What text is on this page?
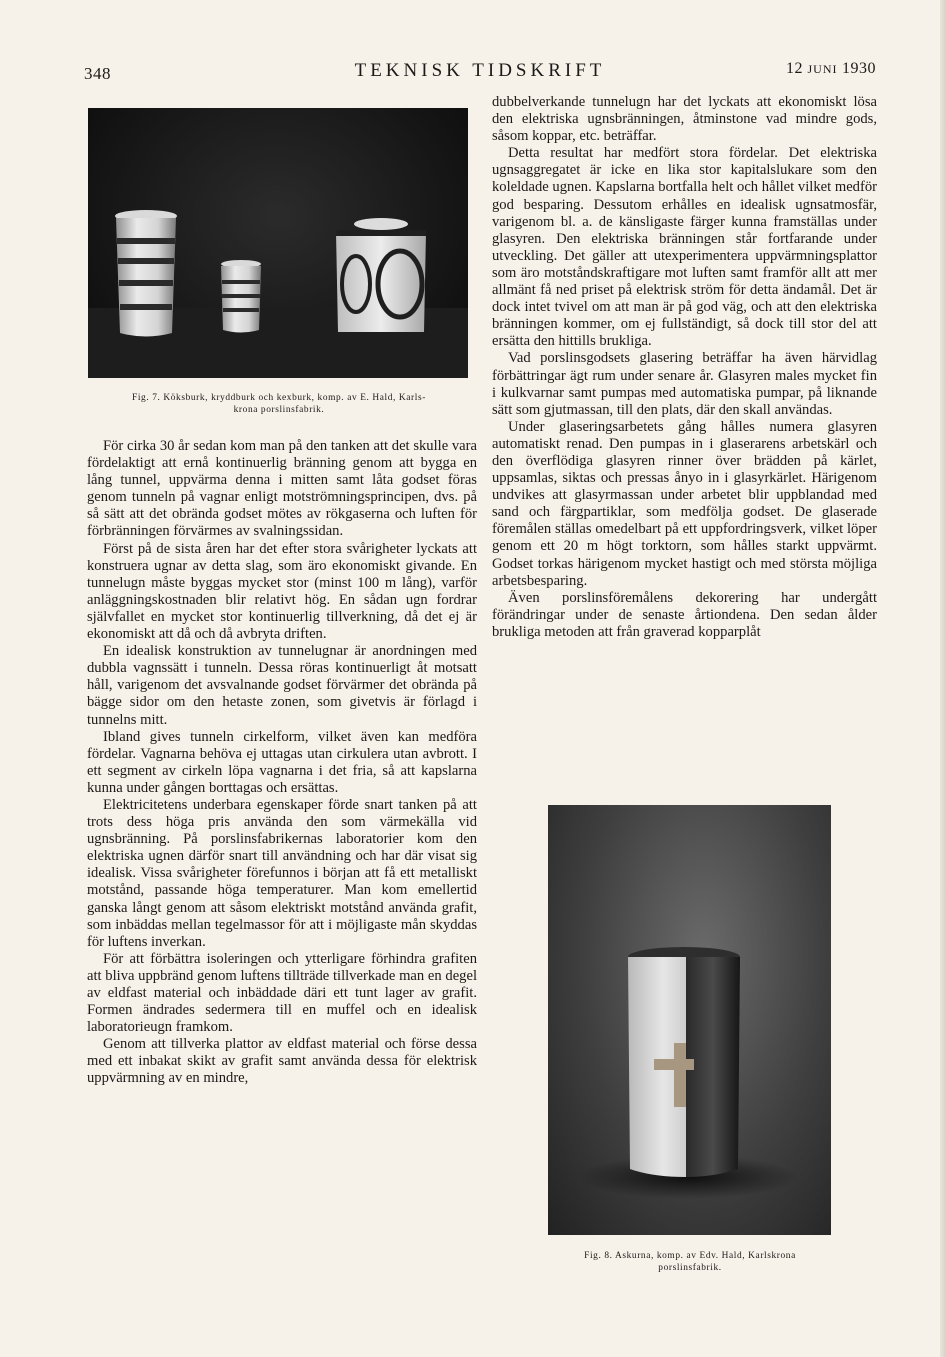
348	TEKNISK TIDSKRIFT	12 JUNI 1930
Fig. 7. Köksburk, kryddburk och kexburk, komp. av E. Hald, Karls-
krona porslinsfabrik.

För cirka 30 år sedan kom man på den tanken att det skulle vara fördelaktigt att ernå kontinuerlig bränning genom att bygga en lång tunnel, uppvärma denna i mitten samt låta godset föras genom tunneln på vagnar enligt motströmningsprincipen, dvs. på så sätt att det obrända godset mötes av rökgaserna och luften för förbränningen förvärmes av svalningssidan.

Först på de sista åren har det efter stora svårigheter lyckats att konstruera ugnar av detta slag, som äro ekonomiskt givande. En tunnelugn måste byggas mycket stor (minst 100 m lång), varför anläggningskostnaden blir relativt hög. En sådan ugn fordrar självfallet en mycket stor kontinuerlig tillverkning, då det ej är ekonomiskt att då och då avbryta driften.

En idealisk konstruktion av tunnelugnar är anordningen med dubbla vagnssätt i tunneln. Dessa röras kontinuerligt åt motsatt håll, varigenom det avsvalnande godset förvärmer det obrända på bägge sidor om den hetaste zonen, som givetvis är förlagd i tunnelns mitt.

Ibland gives tunneln cirkelform, vilket även kan medföra fördelar. Vagnarna behöva ej uttagas utan cirkulera utan avbrott. I ett segment av cirkeln löpa vagnarna i det fria, så att kapslarna kunna under gången borttagas och ersättas.

Elektricitetens underbara egenskaper förde snart tanken på att trots dess höga pris använda den som värmekälla vid ugnsbränning. På porslinsfabrikernas laboratorier kom den elektriska ugnen därför snart till användning och har där visat sig idealisk. Vissa svårigheter förefunnos i början att få ett metalliskt motstånd, passande höga temperaturer. Man kom emellertid ganska långt genom att såsom elektriskt motstånd använda grafit, som inbäddas mellan tegelmassor för att i möjligaste mån skyddas för luftens inverkan.

För att förbättra isoleringen och ytterligare förhindra grafiten att bliva uppbränd genom luftens tillträde tillverkade man en degel av eldfast material och inbäddade däri ett tunt lager av grafit. Formen ändrades sedermera till en muffel och en idealisk laboratorieugn framkom.

Genom att tillverka plattor av eldfast material och förse dessa med ett inbakat skikt av grafit samt använda dessa för elektrisk uppvärmning av en mindre,

dubbelverkande tunnelugn har det lyckats att ekonomiskt lösa den elektriska ugnsbränningen, åtminstone vad mindre gods, såsom koppar, etc. beträffar.

Detta resultat har medfört stora fördelar. Det elektriska ugnsaggregatet är icke en lika stor kapitalslukare som den koleldade ugnen. Kapslarna bortfalla helt och hållet vilket medför god besparing. Dessutom erhålles en idealisk ugnsatmosfär, varigenom bl. a. de känsligaste färger kunna framställas under glasyren. Den elektriska bränningen står fortfarande under utveckling. Det gäller att utexperimentera uppvärmningsplattor som äro motståndskraftigare mot luften samt framför allt att mer allmänt få ned priset på elektrisk ström för detta ändamål. Det är dock intet tvivel om att man är på god väg, och att den elektriska bränningen kommer, om ej fullständigt, så dock till stor del att ersätta den hittills brukliga.

Vad porslinsgodsets glasering beträffar ha även härvidlag förbättringar ägt rum under senare år. Glasyren males mycket fin i kulkvarnar samt pumpas med automatiska pumpar, på liknande sätt som gjutmassan, till den plats, där den skall användas.

Under glaseringsarbetets gång hålles numera glasyren automatiskt renad. Den pumpas in i glaserarens arbetskärl och den överflödiga glasyren rinner över brädden på kärlet, uppsamlas, siktas och pressas ånyo in i glasyrkärlet. Härigenom undvikes att glasyrmassan under arbetet blir uppblandad med sand och färgpartiklar, som medfölja godset. De glaserade föremålen ställas omedelbart på ett uppfordringsverk, vilket löper genom ett 20 m högt torktorn, som hålles starkt uppvärmt. Godset torkas härigenom mycket hastigt och med största möjliga arbetsbesparing.

Även porslinsföremålens dekorering har undergått förändringar under de senaste årtiondena. Den sedan ålder brukliga metoden att från graverad kopparplåt

Fig. 8. Askurna, komp. av Edv. Hald, Karlskrona
porslinsfabrik.
